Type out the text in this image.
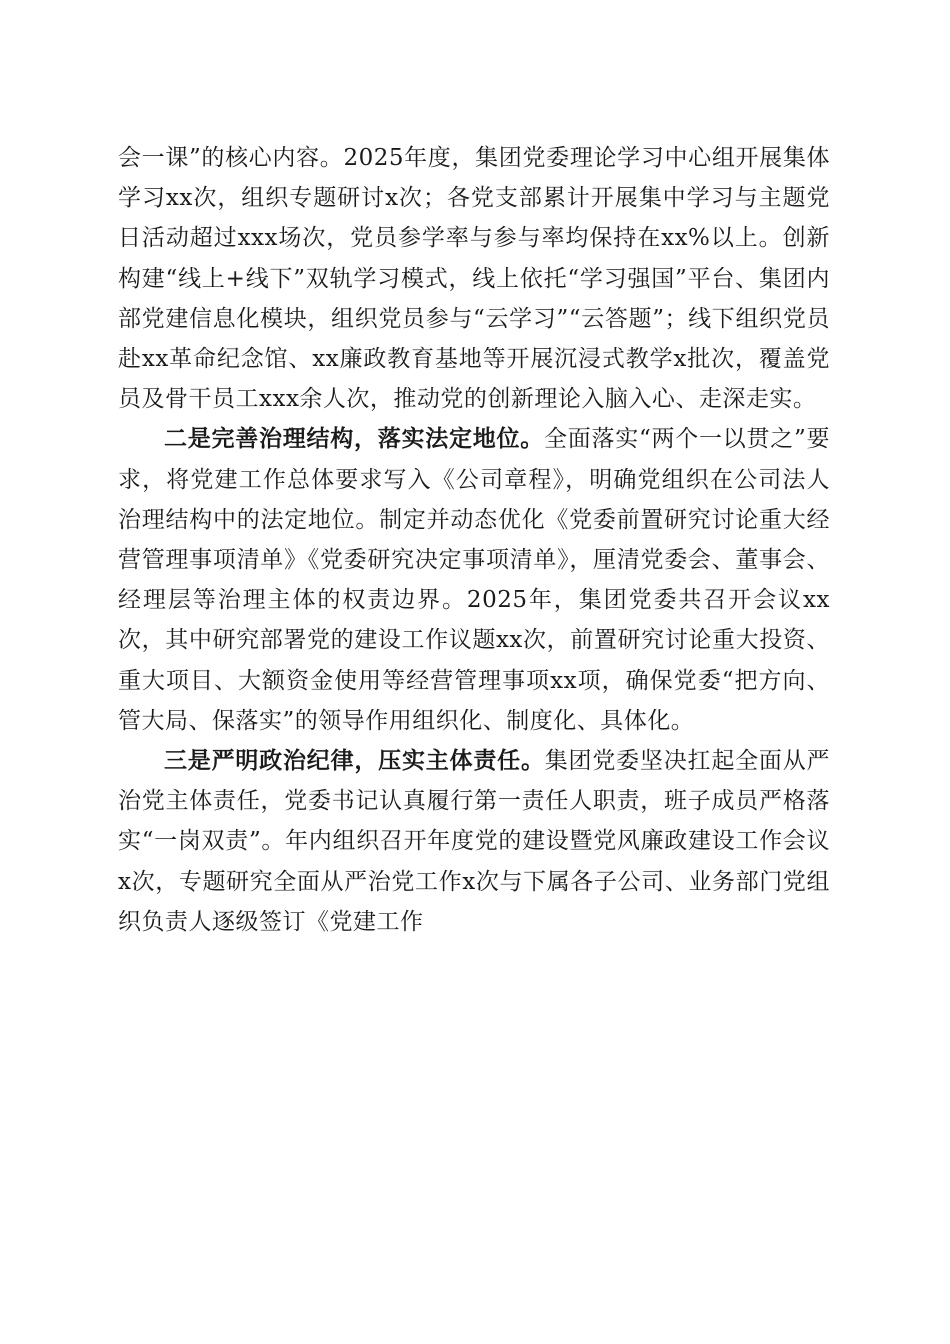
会一课”的核心内容。2025年度，集团党委理论学习中心组开展集体学习xx次，组织专题研讨x次；各党支部累计开展集中学习与主题党日活动超过xxx场次，党员参学率与参与率均保持在xx%以上。创新构建“线上+线下”双轨学习模式，线上依托“学习强国”平台、集团内部党建信息化模块，组织党员参与“云学习”“云答题”；线下组织党员赴xx革命纪念馆、xx廉政教育基地等开展沉浸式教学x批次，覆盖党员及骨干员工xxx余人次，推动党的创新理论入脑入心、走深走实。

二是完善治理结构，落实法定地位。全面落实“两个一以贯之”要求，将党建工作总体要求写入《公司章程》，明确党组织在公司法人治理结构中的法定地位。制定并动态优化《党委前置研究讨论重大经营管理事项清单》《党委研究决定事项清单》，厘清党委会、董事会、经理层等治理主体的权责边界。2025年，集团党委共召开会议xx次，其中研究部署党的建设工作议题xx次，前置研究讨论重大投资、重大项目、大额资金使用等经营管理事项xx项，确保党委“把方向、管大局、保落实”的领导作用组织化、制度化、具体化。

三是严明政治纪律，压实主体责任。集团党委坚决扛起全面从严治党主体责任，党委书记认真履行第一责任人职责，班子成员严格落实“一岗双责”。年内组织召开年度党的建设暨党风廉政建设工作会议x次，专题研究全面从严治党工作x次与下属各子公司、业务部门党组织负责人逐级签订《党建工作
